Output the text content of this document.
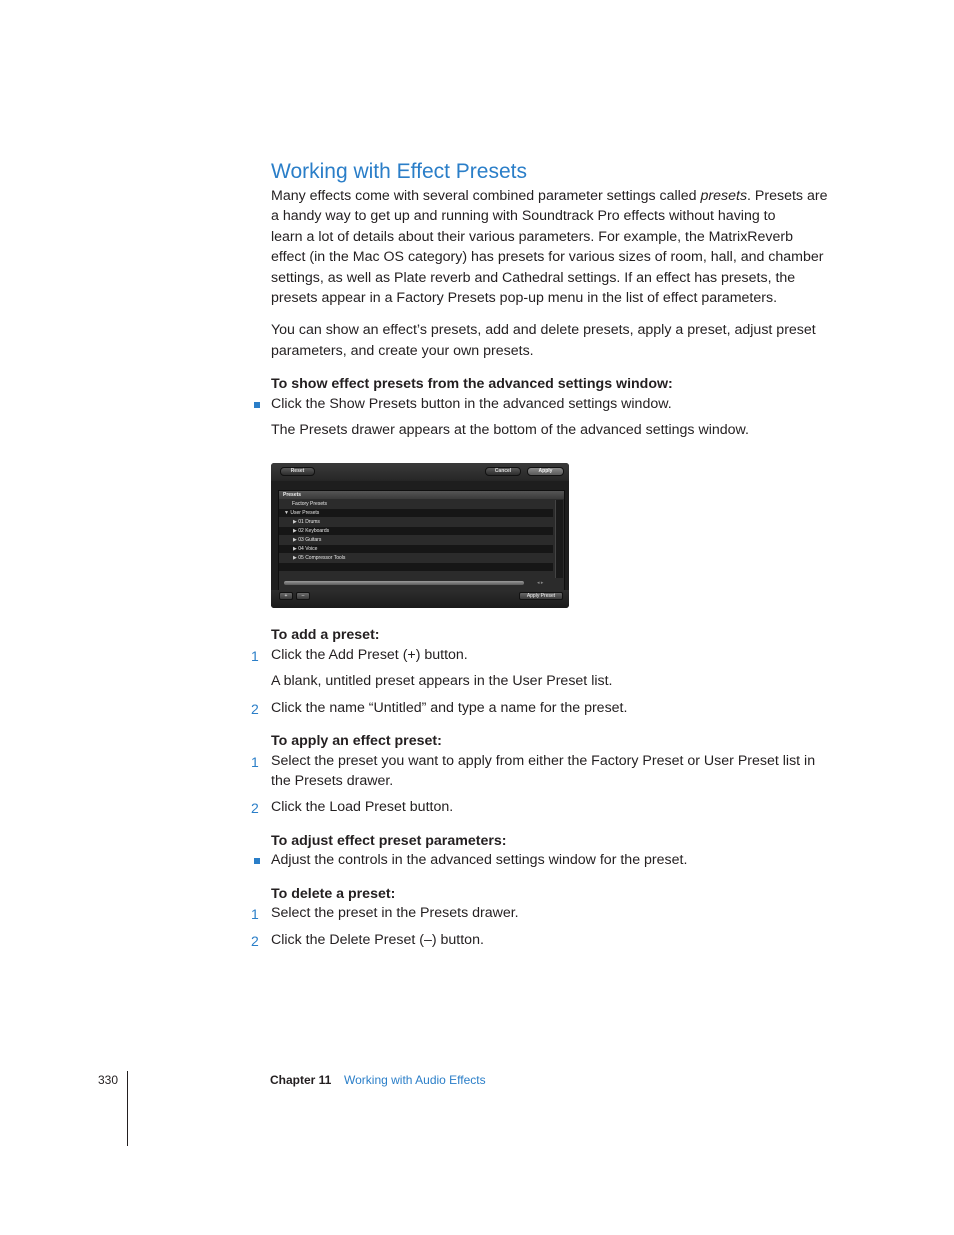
Working with Effect Presets
Many effects come with several combined parameter settings called presets. Presets are
a handy way to get up and running with Soundtrack Pro effects without having to
learn a lot of details about their various parameters. For example, the MatrixReverb
effect (in the Mac OS category) has presets for various sizes of room, hall, and chamber
settings, as well as Plate reverb and Cathedral settings. If an effect has presets, the
presets appear in a Factory Presets pop-up menu in the list of effect parameters.
You can show an effect’s presets, add and delete presets, apply a preset, adjust preset
parameters, and create your own presets.
To show effect presets from the advanced settings window:
Click the Show Presets button in the advanced settings window.
The Presets drawer appears at the bottom of the advanced settings window.
Reset	Cancel	Apply
Presets
Factory Presets
▼ User Presets
▶ 01 Drums
▶ 02 Keyboards
▶ 03 Guitars
▶ 04 Voice
▶ 05 Compressor Tools
◂ ▸
+	–	Apply Preset
To add a preset:
1 Click the Add Preset (+) button.
A blank, untitled preset appears in the User Preset list.
2 Click the name “Untitled” and type a name for the preset.
To apply an effect preset:
1 Select the preset you want to apply from either the Factory Preset or User Preset list in
the Presets drawer.
2 Click the Load Preset button.
To adjust effect preset parameters:
Adjust the controls in the advanced settings window for the preset.
To delete a preset:
1 Select the preset in the Presets drawer.
2 Click the Delete Preset (–) button.
330	Chapter 11 Working with Audio Effects
